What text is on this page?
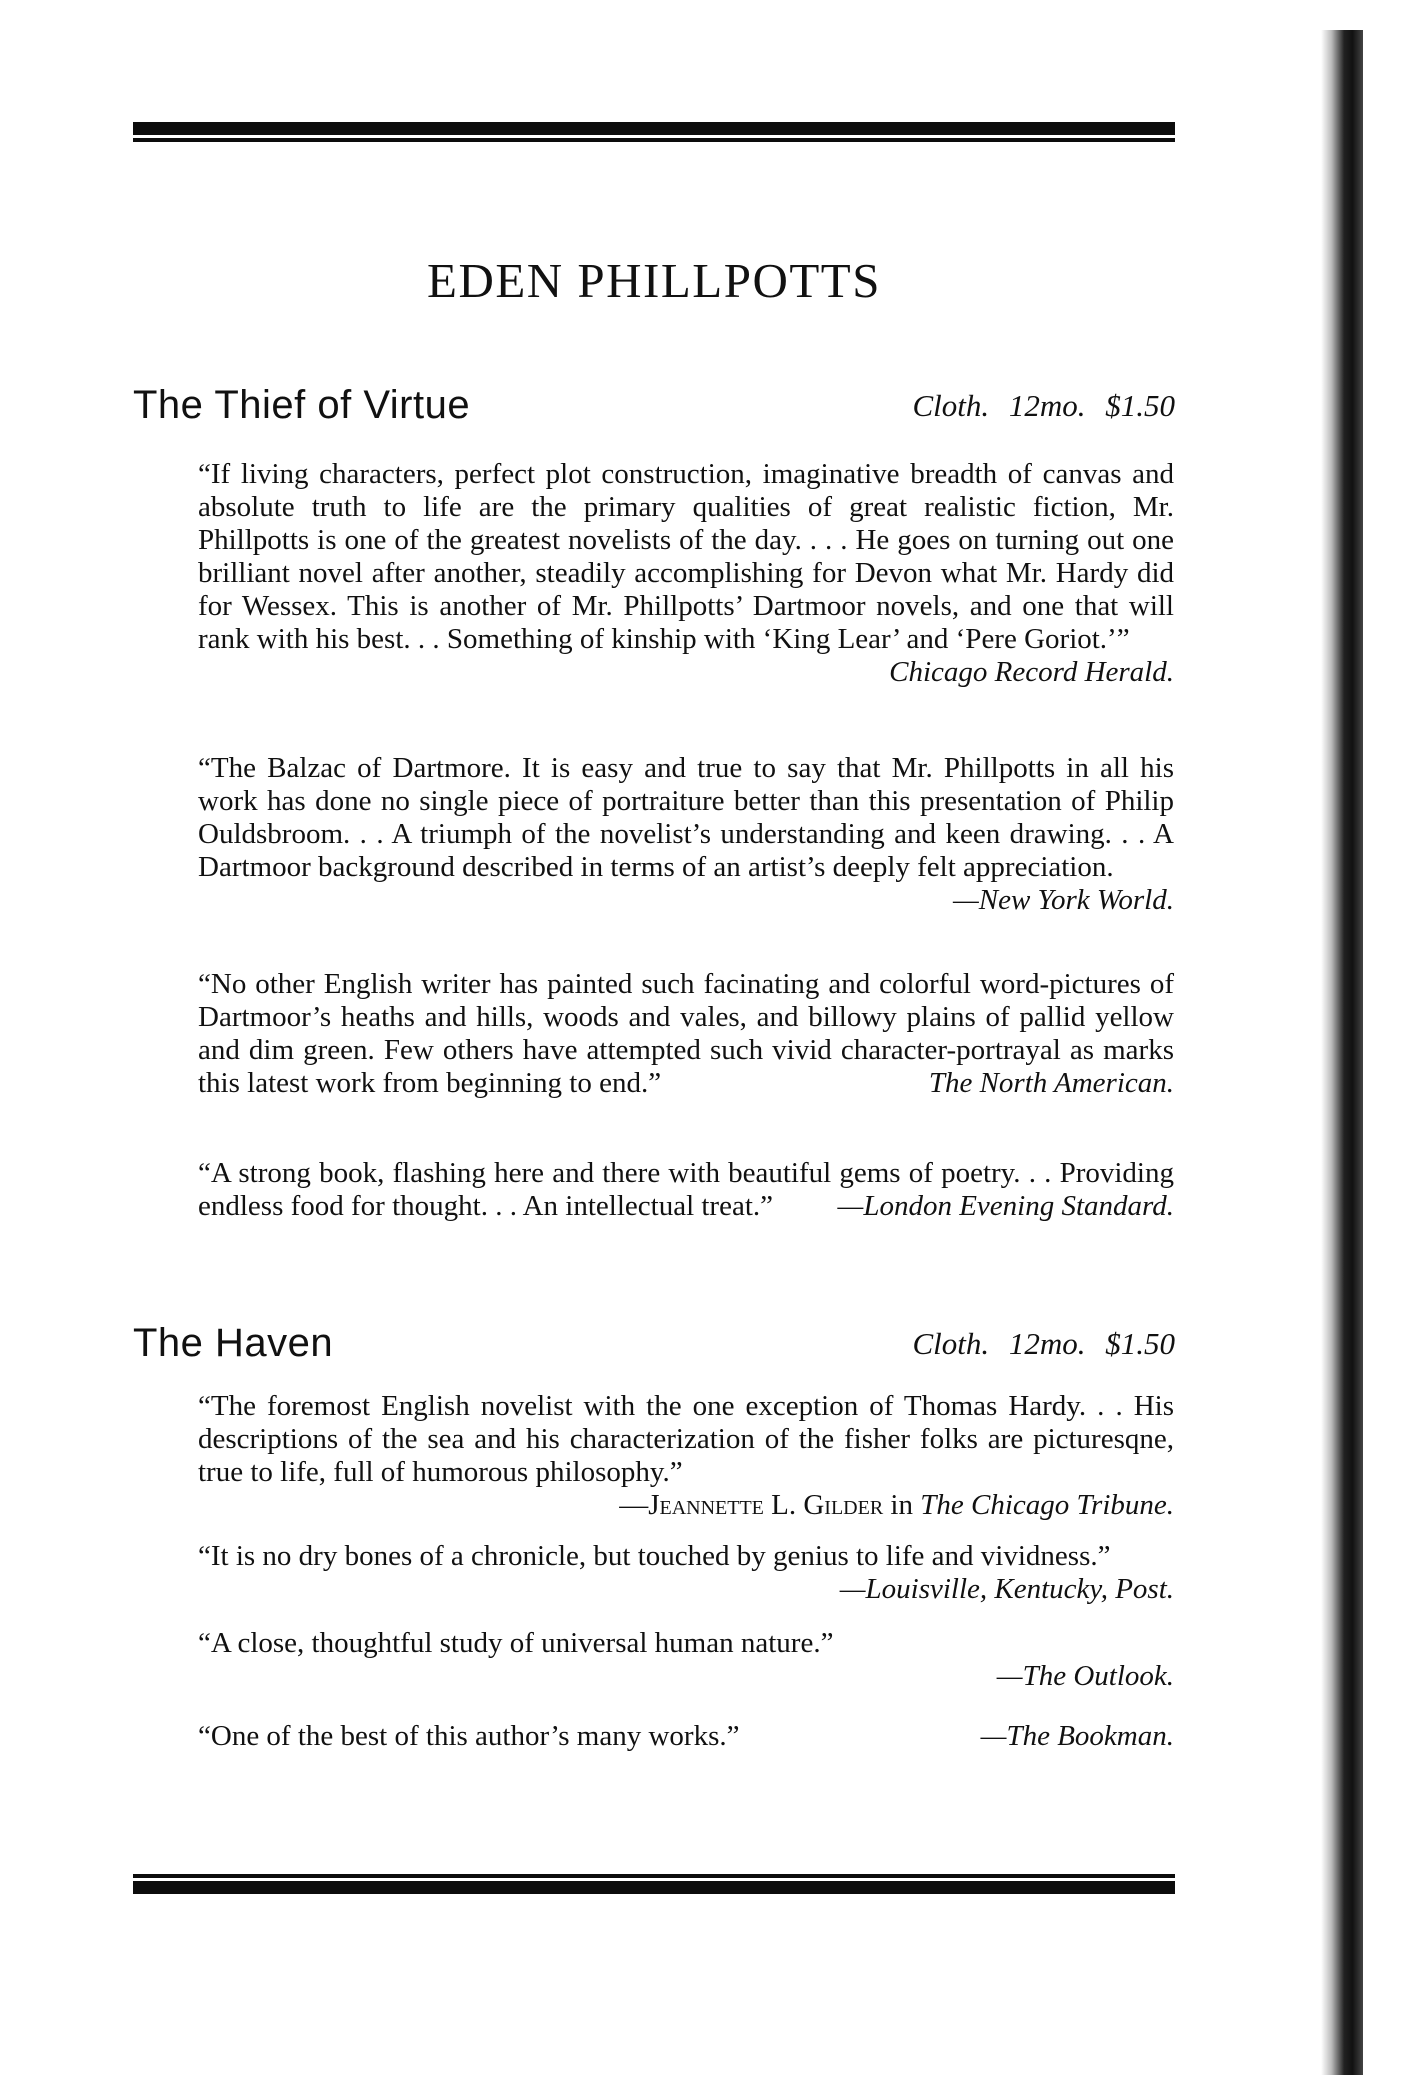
EDEN PHILLPOTTS
The Thief of Virtue	Cloth. 12mo. $1.50
“If living characters, perfect plot construction, imaginative breadth of canvas and absolute truth to life are the primary qualities of great realistic fiction, Mr. Phillpotts is one of the greatest novelists of the day. . . . He goes on turning out one brilliant novel after another, steadily accomplishing for Devon what Mr. Hardy did for Wessex. This is another of Mr. Phillpotts’ Dartmoor novels, and one that will rank with his best. . . Something of kinship with ‘King Lear’ and ‘Pere Goriot.’”
Chicago Record Herald.
“The Balzac of Dartmore. It is easy and true to say that Mr. Phillpotts in all his work has done no single piece of portraiture better than this presentation of Philip Ouldsbroom. . . A triumph of the novelist’s understanding and keen drawing. . . A Dartmoor background described in terms of an artist’s deeply felt appreciation.
—New York World.
“No other English writer has painted such facinating and colorful word-pictures of Dartmoor’s heaths and hills, woods and vales, and billowy plains of pallid yellow and dim green. Few others have attempted such vivid character-portrayal as marks this latest work from beginning to end.”	The North American.
“A strong book, flashing here and there with beautiful gems of poetry. . . Providing endless food for thought. . . An intellectual treat.” —London Evening Standard.
The Haven	Cloth. 12mo. $1.50
“The foremost English novelist with the one exception of Thomas Hardy. . . His descriptions of the sea and his characterization of the fisher folks are picturesqne, true to life, full of humorous philosophy.”
—Jeannette L. Gilder in The Chicago Tribune.
“It is no dry bones of a chronicle, but touched by genius to life and vividness.”
—Louisville, Kentucky, Post.
“A close, thoughtful study of universal human nature.”
—The Outlook.
“One of the best of this author’s many works.”	—The Bookman.
